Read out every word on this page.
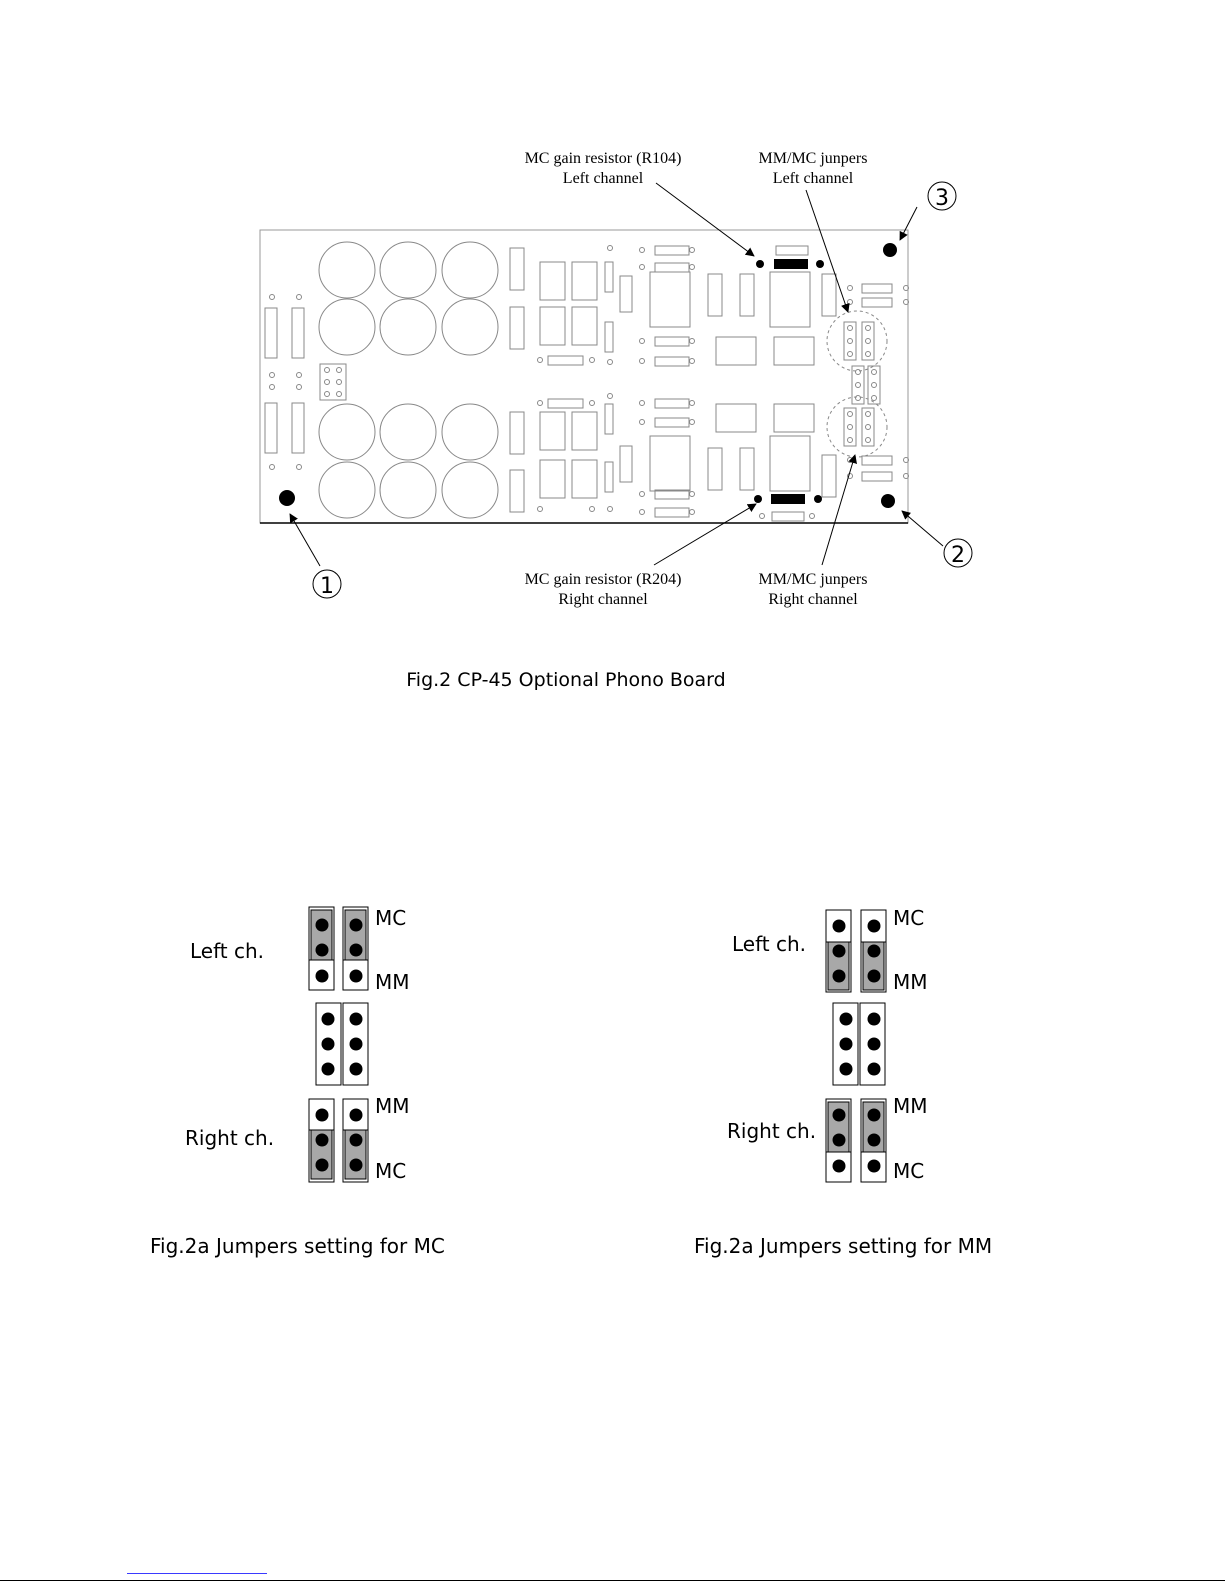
3
2
1
MC gain resistor (R104)
Left channel
MM/MC junpers
Left channel
MC gain resistor (R204)
Right channel
MM/MC junpers
Right channel
Fig.2 CP-45 Optional Phono Board
Left ch.
Right ch.
MC
MM
MM
MC
Fig.2a Jumpers setting for MC
Left ch.
Right ch.
MC
MM
MM
MC
Fig.2a Jumpers setting for MM
